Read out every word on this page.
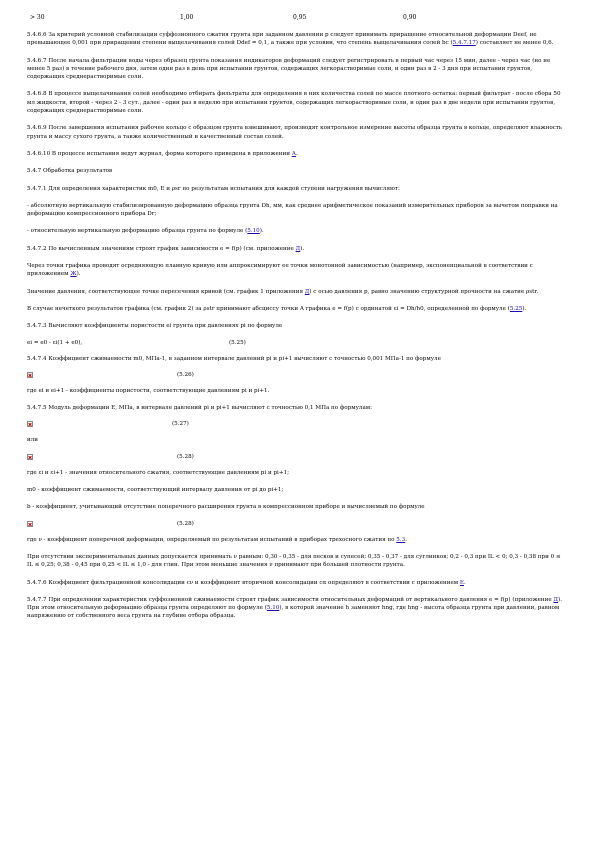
> 30	1,00	0,95	0,90

5.4.6.6 За критерий условной стабилизации суффозионного сжатия грунта при заданном давлении р следует принимать приращение относительной деформации Deef, не превышающее 0,001 при приращении степени выщелачивания солей Ddef = 0,1, а также при условии, что степень выщелачивания солей bc (5.4.7.17) составляет не менее 0,6.

5.4.6.7 После начала фильтрации воды через образец грунта показания индикаторов деформаций следует регистрировать в первый час через 15 мин, далее - через час (но не менее 5 раз) в течение рабочего дня, затем один раз в день при испытании грунтов, содержащих легкорастворимые соли, и один раз в 2 - 3 дня при испытании грунтов, содержащих среднерастворимые соли.

5.4.6.8 В процессе выщелачивания солей необходимо отбирать фильтраты для определения в них количества солей по массе плотного остатка: первый фильтрат - после сбора 50 мл жидкости, второй - через 2 - 3 сут., далее - один раз в неделю при испытании грунтов, содержащих легкорастворимые соли, и один раз в две недели при испытании грунтов, содержащих среднерастворимые соли.

5.4.6.9 После завершения испытания рабочее кольцо с образцом грунта взвешивают, производят контрольное измерение высоты образца грунта в кольце, определяют влажность грунта и массу сухого грунта, а также количественный и качественный состав солей.

5.4.6.10 В процессе испытания ведут журнал, форма которого приведена в приложении А.

5.4.7 Обработка результатов

5.4.7.1 Для определения характеристик m0, E и ρsr по результатам испытания для каждой ступени нагружения вычисляют:

- абсолютную вертикальную стабилизированную деформацию образца грунта Dh, мм, как среднее арифметическое показаний измерительных приборов за вычетом поправки на деформацию компрессионного прибора Dr;

- относительную вертикальную деформацию образца грунта по формуле (5.10).

5.4.7.2 По вычисленным значениям строят график зависимости e = f(p) (см. приложение Д).

Через точки графика проводят осредняющую плавную кривую или аппроксимируют ее точки монотонной зависимостью (например, экспоненциальной в соответствии с приложением Ж).

Значение давления, соответствующее точке пересечения кривой (см. график 1 приложения Д) с осью давления р, равно значению структурной прочности на сжатие ρstr.

В случае нечеткого результатов графика (см. график 2) за ρstr принимают абсциссу точки A графика e = f(p) с ординатой εi = Dh/h0, определенной по формуле (5.25).

5.4.7.3 Вычисляют коэффициенты пористости ei грунта при давлениях pi по формуле

ei = e0 - εi(1 + e0),	(5.25)

5.4.7.4 Коэффициент сжимаемости m0, МПа-1, в заданном интервале давлений pi и pi+1 вычисляют с точностью 0,001 МПа-1 по формуле

(5.26)

где ei и ei+1 - коэффициенты пористости, соответствующие давлениям pi и pi+1.

5.4.7.5 Модуль деформации E, МПа, в интервале давлений pi и pi+1 вычисляют с точностью 0,1 МПа по формулам:

(5.27)

или

(5.28)

где εi и εi+1 - значения относительного сжатия, соответствующие давлениям pi и pi+1;

m0 - коэффициент сжимаемости, соответствующий интервалу давления от pi до pi+1;

b - коэффициент, учитывающий отсутствие поперечного расширения грунта в компрессионном приборе и вычисляемый по формуле

(5.28)

где ν - коэффициент поперечной деформации, определяемый по результатам испытаний в приборах трехосного сжатия по 5.3.

При отсутствии экспериментальных данных допускается принимать ν равным: 0,30 - 0,35 - для песков и супесей; 0,35 - 0,37 - для суглинков; 0,2 - 0,3 при IL < 0; 0,3 - 0,38 при 0 ≤ IL ≤ 0,25; 0,38 - 0,45 при 0,25 < IL ≤ 1,0 - для глин. При этом меньшие значения ν принимают при большей плотности грунта.

5.4.7.6 Коэффициент фильтрационной консолидации cν и коэффициент вторичной консолидации cα определяют в соответствии с приложением Е.

5.4.7.7 При определении характеристик суффозионной сжимаемости строят график зависимости относительных деформаций от вертикального давления e = f(p) (приложение Д). При этом относительную деформацию образца грунта определяют по формуле (5.10), в которой значение h заменяют hng, где hng - высота образца грунта при давлении, равном напряжению от собственного веса грунта на глубине отбора образца.
